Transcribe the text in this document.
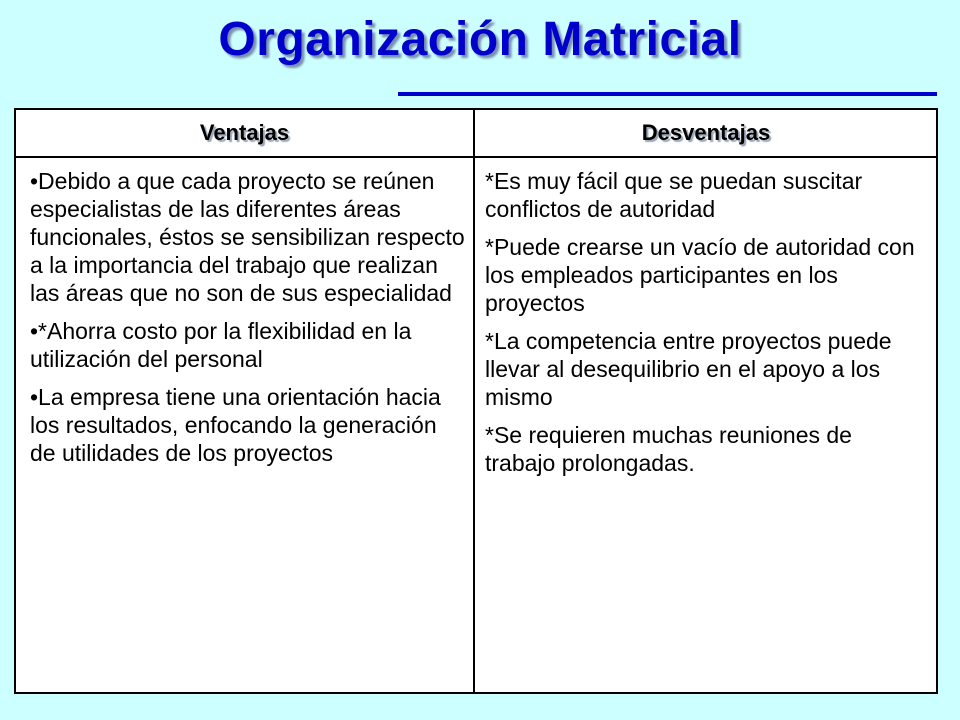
Organización Matricial
Ventajas	Desventajas

•Debido a que cada proyecto se reúnen especialistas de las diferentes áreas funcionales, éstos se sensibilizan respecto a la importancia del trabajo que realizan las áreas que no son de sus especialidad

•*Ahorra costo por la flexibilidad en la utilización del personal

•La empresa tiene una orientación hacia los resultados, enfocando la generación de utilidades de los proyectos

*Es muy fácil que se puedan suscitar conflictos de autoridad

*Puede crearse un vacío de autoridad con los empleados participantes en los proyectos

*La competencia entre proyectos puede llevar al desequilibrio en el apoyo a los mismo

*Se requieren muchas reuniones de trabajo prolongadas.
